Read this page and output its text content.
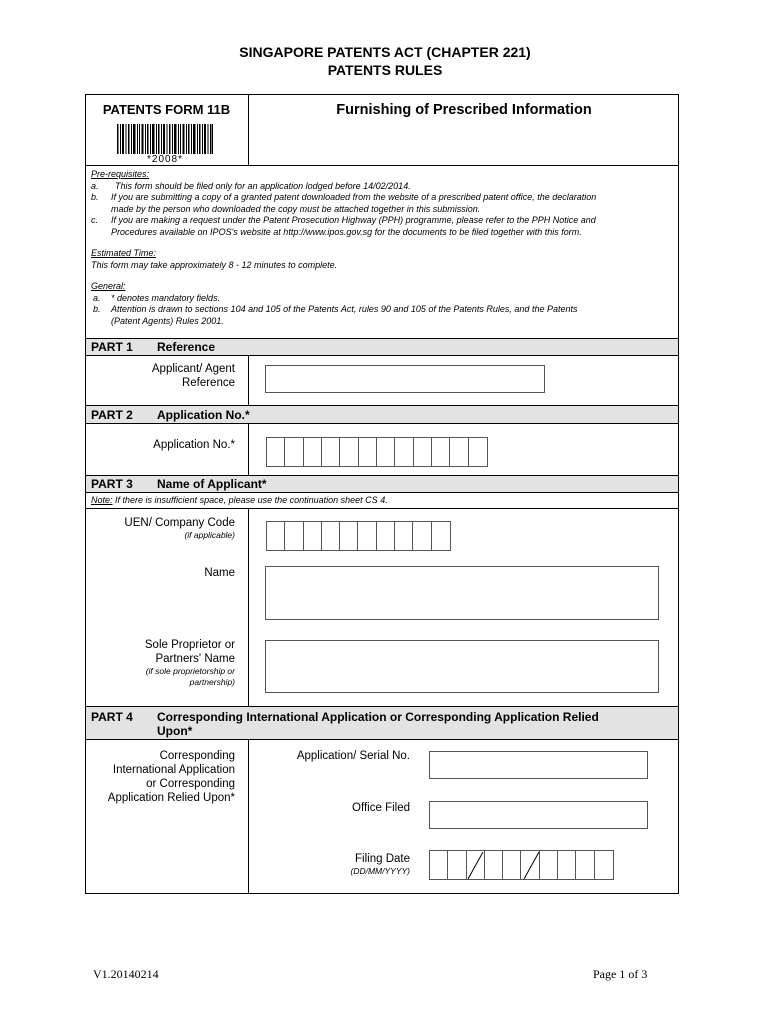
SINGAPORE PATENTS ACT (CHAPTER 221)
PATENTS RULES
PATENTS FORM 11B	Furnishing of Prescribed Information
*2008*
Pre-requisites:
a. This form should be filed only for an application lodged before 14/02/2014.
b. If you are submitting a copy of a granted patent downloaded from the website of a prescribed patent office, the declaration
made by the person who downloaded the copy must be attached together in this submission.
c. If you are making a request under the Patent Prosecution Highway (PPH) programme, please refer to the PPH Notice and
Procedures available on IPOS's website at http://www.ipos.gov.sg for the documents to be filed together with this form.
Estimated Time:
This form may take approximately 8 - 12 minutes to complete.
General:
a. * denotes mandatory fields.
b. Attention is drawn to sections 104 and 105 of the Patents Act, rules 90 and 105 of the Patents Rules, and the Patents
(Patent Agents) Rules 2001.
PART 1 Reference
Applicant/ Agent
Reference
PART 2 Application No.*
Application No.*
PART 3 Name of Applicant*
Note: If there is insufficient space, please use the continuation sheet CS 4.
UEN/ Company Code
(if applicable)
Name
Sole Proprietor or
Partners' Name
(if sole proprietorship or
partnership)
PART 4 Corresponding International Application or Corresponding Application Relied
Upon*
Corresponding
International Application
or Corresponding
Application Relied Upon*
Application/ Serial No.
Office Filed
Filing Date
(DD/MM/YYYY)
V1.20140214	Page 1 of 3
